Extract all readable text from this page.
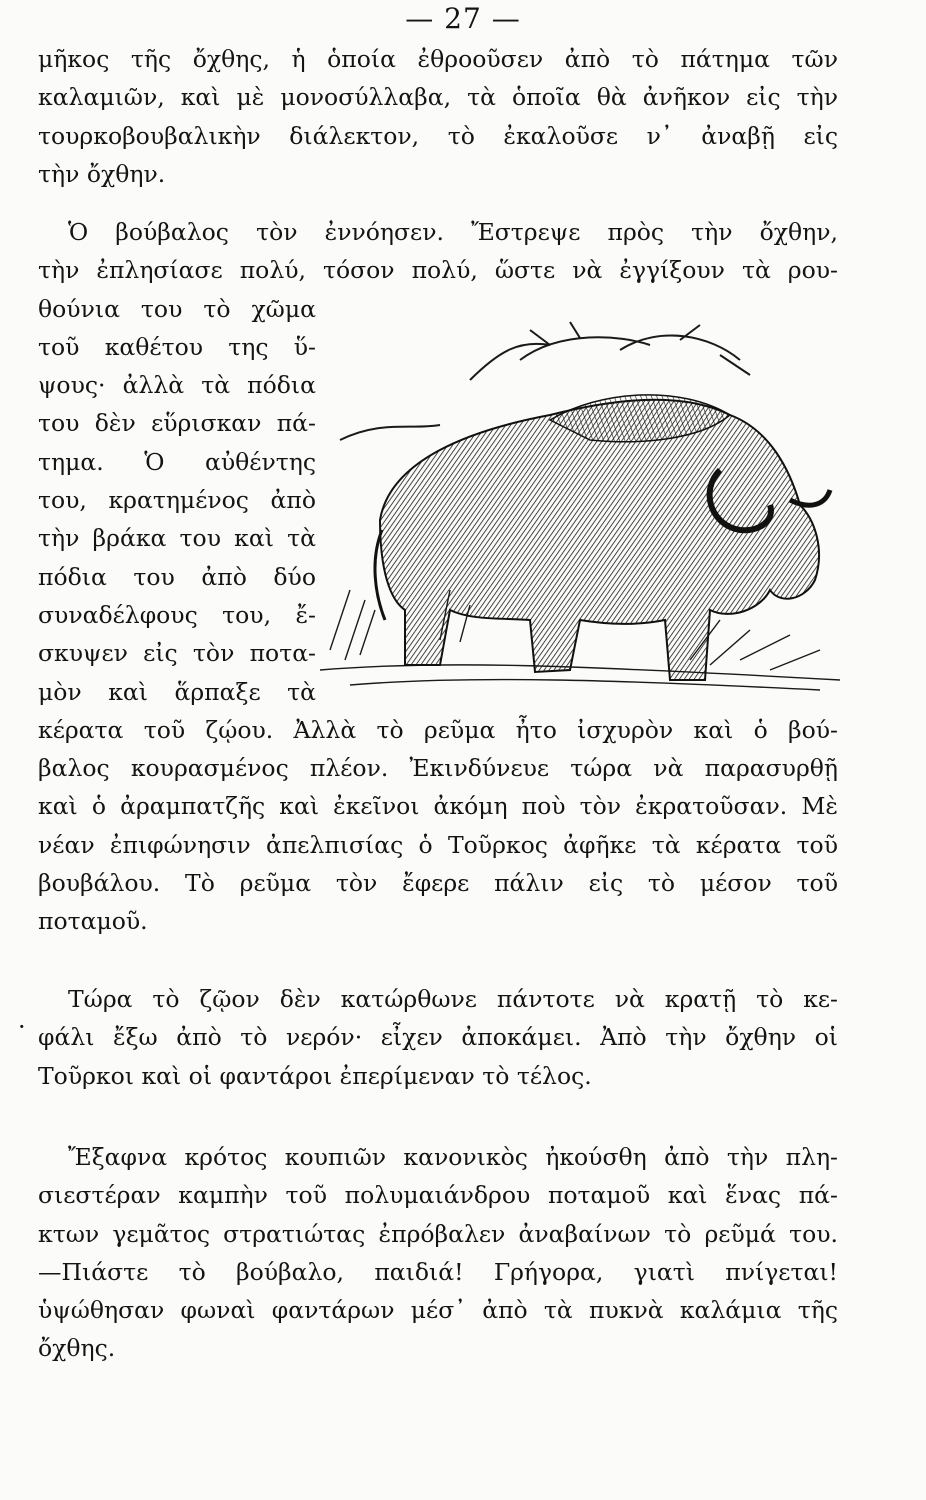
— 27 —
μῆκος τῆς ὄχθης, ἡ ὁποία ἐθροοῦσεν ἀπὸ τὸ πάτημα τῶν
καλαμιῶν, καὶ μὲ μονοσύλλαβα, τὰ ὁποῖα θὰ ἀνῆκον εἰς τὴν
τουρκοβουβαλικὴν διάλεκτον, τὸ ἐκαλοῦσε ν᾽ ἀναβῇ εἰς
τὴν ὄχθην.
Ὁ βούβαλος τὸν ἐννόησεν. Ἔστρεψε πρὸς τὴν ὄχθην,
τὴν ἐπλησίασε πολύ, τόσον πολύ, ὥστε νὰ ἐγγίξουν τὰ ρου-
θούνια του τὸ χῶμα
τοῦ καθέτου της ὕ-
ψους· ἀλλὰ τὰ πόδια
του δὲν εὕρισκαν πά-
τημα. Ὁ αὐθέντης
του, κρατημένος ἀπὸ
τὴν βράκα του καὶ τὰ
πόδια του ἀπὸ δύο
συναδέλφους του, ἔ-
σκυψεν εἰς τὸν ποτα-
μὸν καὶ ἅρπαξε τὰ
κέρατα τοῦ ζῴου. Ἀλλὰ τὸ ρεῦμα ἦτο ἰσχυρὸν καὶ ὁ βού-
βαλος κουρασμένος πλέον. Ἐκινδύνευε τώρα νὰ παρασυρθῇ
καὶ ὁ ἀραμπατζῆς καὶ ἐκεῖνοι ἀκόμη ποὺ τὸν ἐκρατοῦσαν. Μὲ
νέαν ἐπιφώνησιν ἀπελπισίας ὁ Τοῦρκος ἀφῆκε τὰ κέρατα τοῦ
βουβάλου. Τὸ ρεῦμα τὸν ἔφερε πάλιν εἰς τὸ μέσον τοῦ
ποταμοῦ.
·
Τώρα τὸ ζῷον δὲν κατώρθωνε πάντοτε νὰ κρατῇ τὸ κε-
φάλι ἔξω ἀπὸ τὸ νερόν· εἶχεν ἀποκάμει. Ἀπὸ τὴν ὄχθην οἱ
Τοῦρκοι καὶ οἱ φαντάροι ἐπερίμεναν τὸ τέλος.
Ἔξαφνα κρότος κουπιῶν κανονικὸς ἠκούσθη ἀπὸ τὴν πλη-
σιεστέραν καμπὴν τοῦ πολυμαιάνδρου ποταμοῦ καὶ ἕνας πά-
κτων γεμᾶτος στρατιώτας ἐπρόβαλεν ἀναβαίνων τὸ ρεῦμά του.
—Πιάστε τὸ βούβαλο, παιδιά! Γρήγορα, γιατὶ πνίγεται!
ὑψώθησαν φωναὶ φαντάρων μέσ᾽ ἀπὸ τὰ πυκνὰ καλάμια τῆς
ὄχθης.
